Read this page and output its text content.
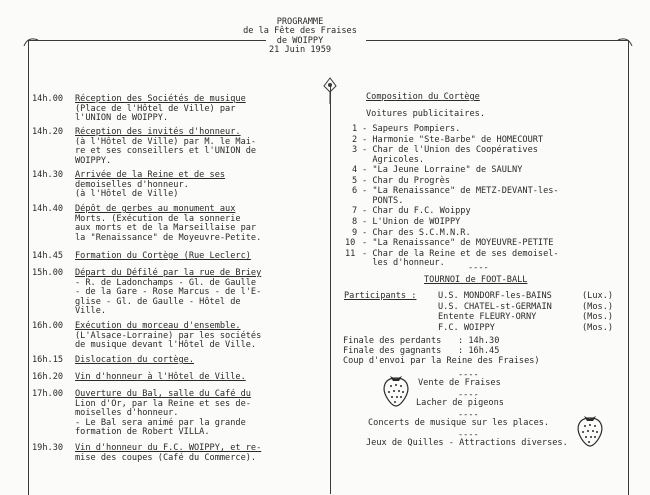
PROGRAMME
de la Fête des Fraises
de WOIPPY
21 Juin 1959
14h.00 Réception des Sociétés de musique
(Place de l'Hôtel de Ville) par
l'UNION de WOIPPY.
14h.20 Réception des invités d'honneur.
(à l'Hôtel de Ville) par M. le Mai-
re et ses conseillers et l'UNION de
WOIPPY.
14h.30 Arrivée de la Reine et de ses
demoiselles d'honneur.
(à l'Hôtel de Ville)
14h.40 Dépôt de gerbes au monument aux
Morts. (Exécution de la sonnerie
aux morts et de la Marseillaise par
la "Renaissance" de Moyeuvre-Petite.
14h.45 Formation du Cortège (Rue Leclerc)
15h.00 Départ du Défilé par la rue de Briey
- R. de Ladonchamps - Gl. de Gaulle
- de la Gare - Rose Marcus - de l'E-
glise - Gl. de Gaulle - Hôtel de
Ville.
16h.00 Exécution du morceau d'ensemble.
(L'Alsace-Lorraine) par les sociétés
de musique devant l'Hôtel de Ville.
16h.15 Dislocation du cortège.
16h.20 Vin d'honneur à l'Hôtel de Ville.
17h.00 Ouverture du Bal, salle du Café du
Lion d'Or, par la Reine et ses de-
moiselles d'honneur.
- Le Bal sera animé par la grande
formation de Robert VILLA.
19h.30 Vin d'honneur du F.C. WOIPPY, et re-
mise des coupes (Café du Commerce).
Composition du Cortège
Voitures publicitaires.
1 - Sapeurs Pompiers.
2 - Harmonie "Ste-Barbe" de HOMECOURT
3 - Char de l'Union des Coopératives
Agricoles.
4 - "La Jeune Lorraine" de SAULNY
5 - Char du Progrès
6 - "La Renaissance" de METZ-DEVANT-les-
PONTS.
7 - Char du F.C. Woippy
8 - L'Union de WOIPPY
9 - Char des S.C.M.N.R.
10 - "La Renaissance" de MOYEUVRE-PETITE
11 - Char de la Reine et de ses demoisel-
les d'honneur.	----
TOURNOI de FOOT-BALL
Participants :	U.S. MONDORF-les-BAINS	(Lux.)
U.S. CHATEL-st-GERMAIN	(Mos.)
Entente FLEURY-ORNY	(Mos.)
F.C. WOIPPY	(Mos.)
Finale des perdants : 14h.30
Finale des gagnants : 16h.45
Coup d'envoi par la Reine des Fraises)
----
Vente de Fraises
----
Lacher de pigeons
----
Concerts de musique sur les places.
----
Jeux de Quilles - Attractions diverses.
